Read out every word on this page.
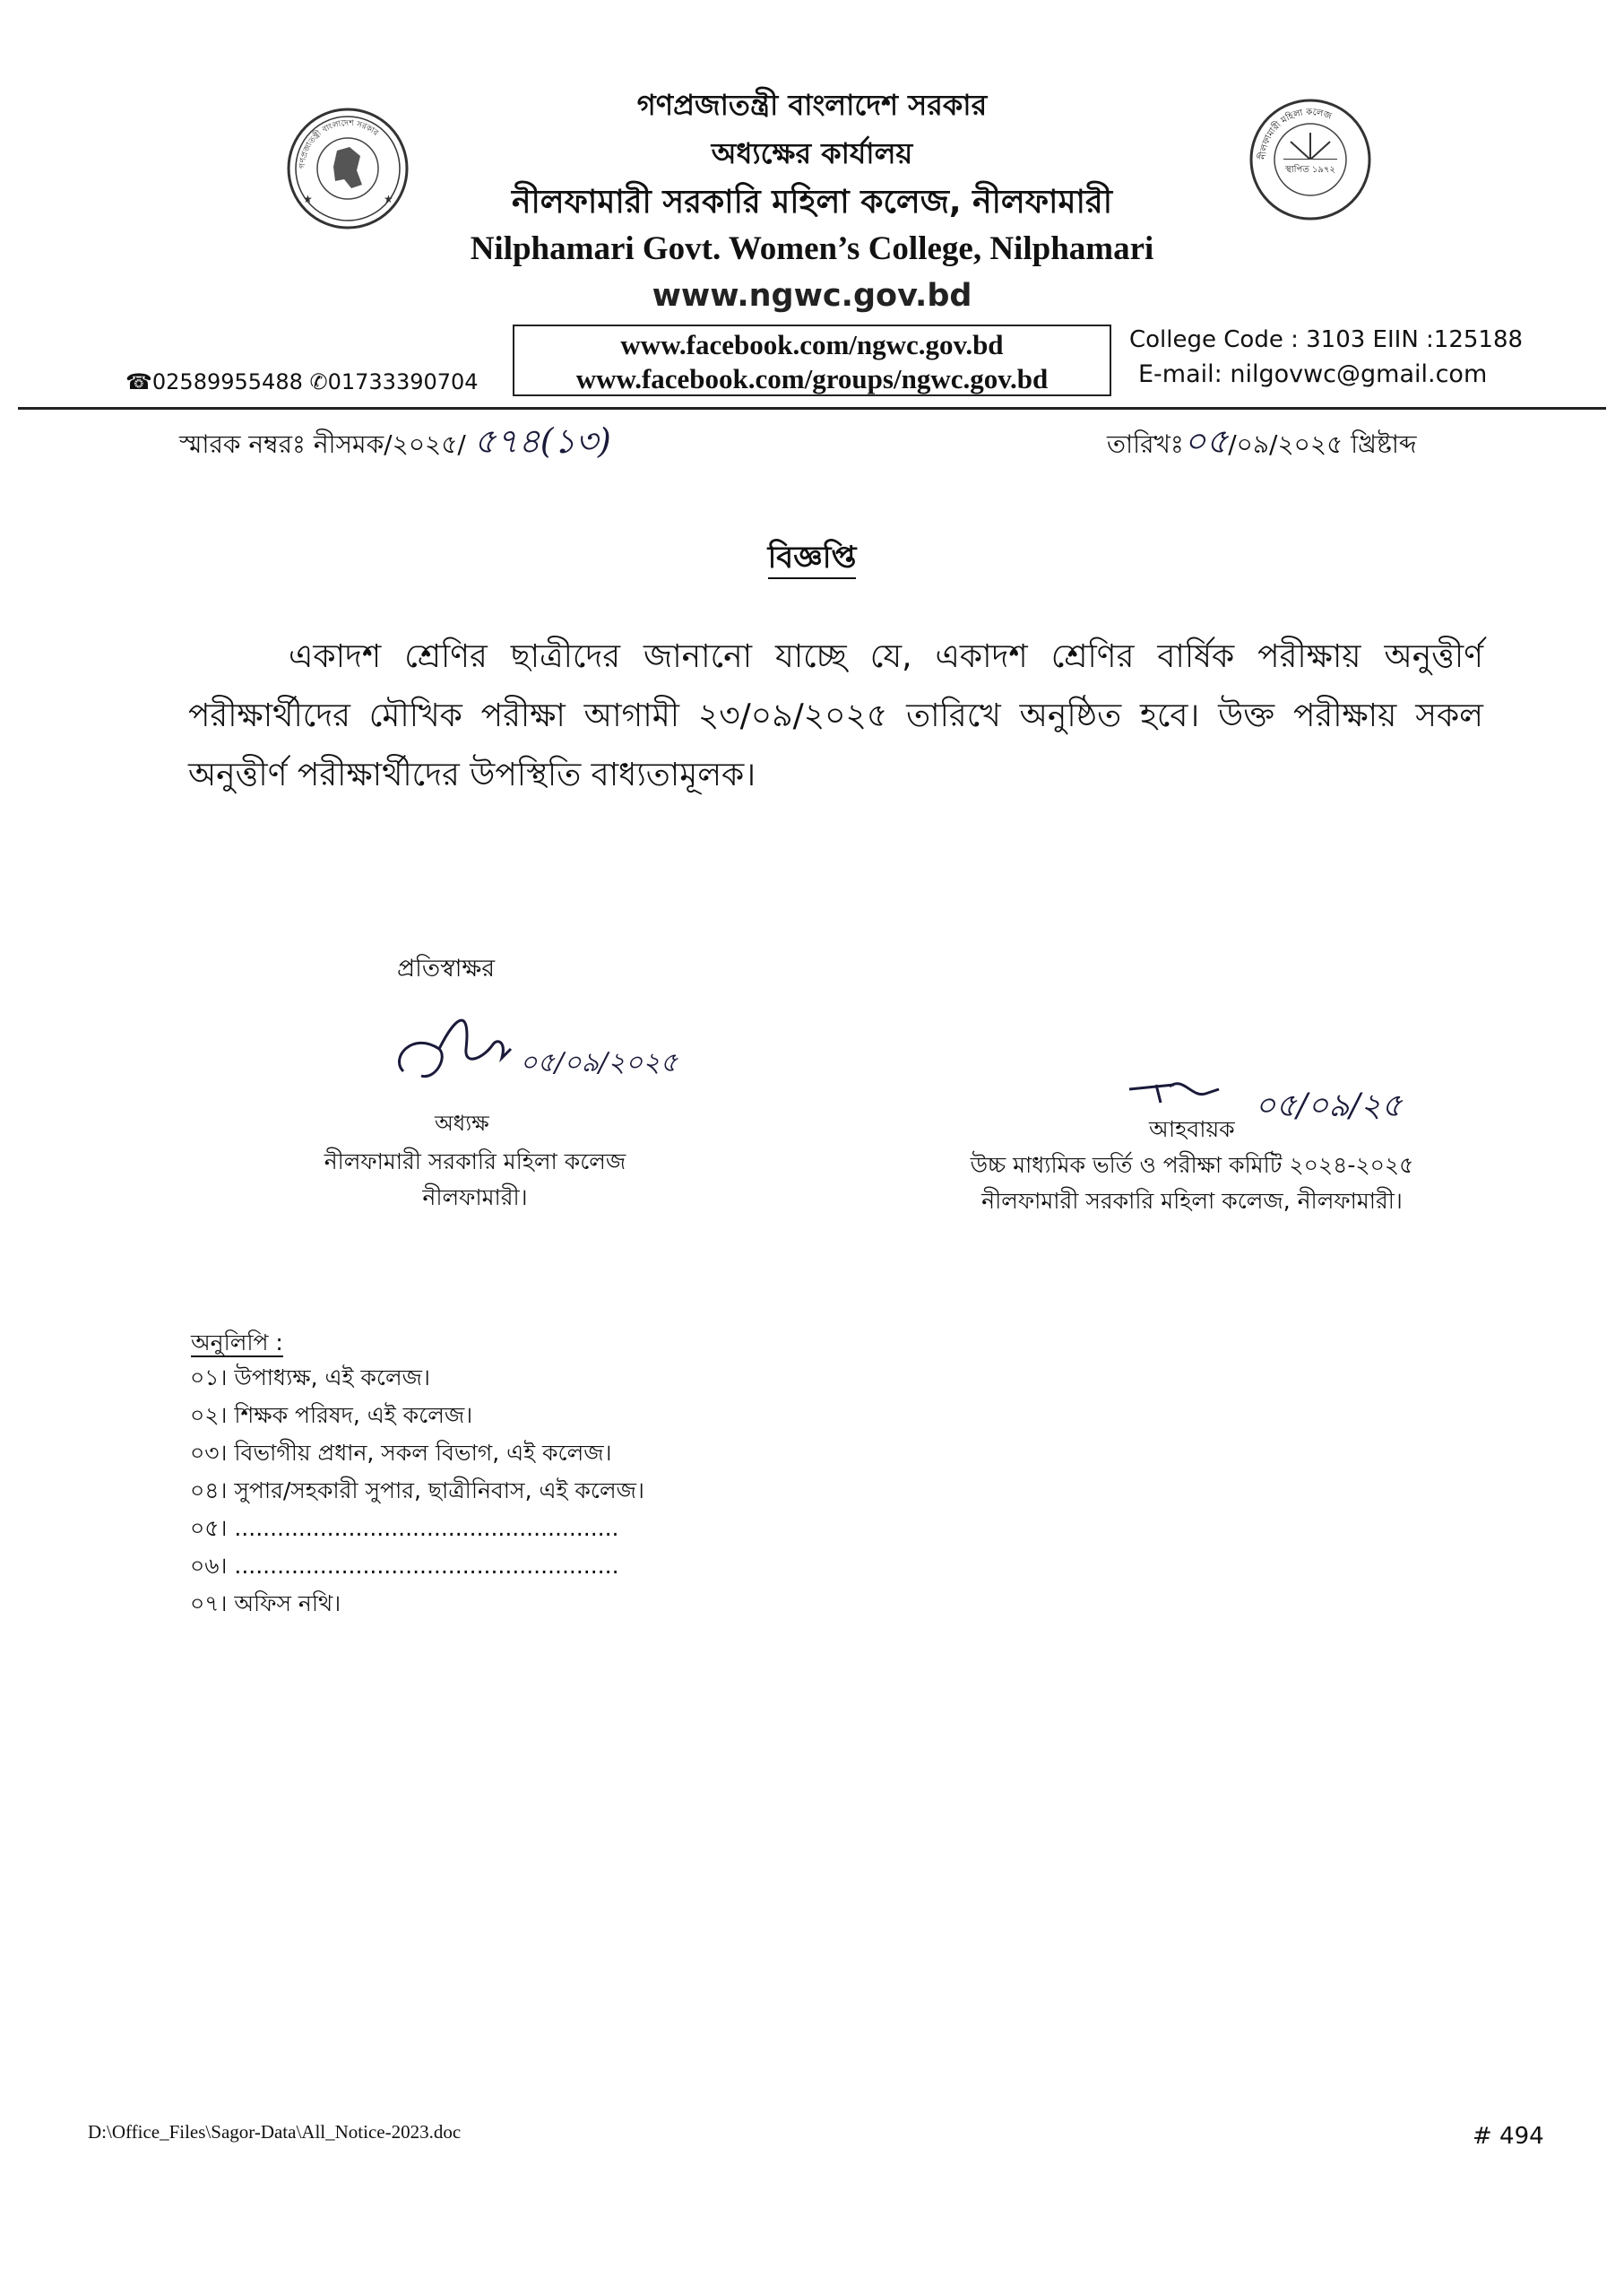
গণপ্রজাতন্ত্রী বাংলাদেশ সরকার
★	★
স্থাপিত ১৯৭২
নীলফামারী মহিলা কলেজ
গণপ্রজাতন্ত্রী বাংলাদেশ সরকার
অধ্যক্ষের কার্যালয়
নীলফামারী সরকারি মহিলা কলেজ, নীলফামারী
Nilphamari Govt. Women’s College, Nilphamari
www.ngwc.gov.bd
www.facebook.com/ngwc.gov.bd
www.facebook.com/groups/ngwc.gov.bd
☎02589955488 ✆01733390704
College Code : 3103 EIIN :125188
E-mail: nilgovwc@gmail.com
স্মারক নম্বরঃ নীসমক/২০২৫/ ৫৭৪(১৩)	তারিখঃ০৫/০৯/২০২৫ খ্রিষ্টাব্দ
বিজ্ঞপ্তি
একাদশ শ্রেণির ছাত্রীদের জানানো যাচ্ছে যে, একাদশ শ্রেণির বার্ষিক পরীক্ষায় অনুত্তীর্ণ পরীক্ষার্থীদের মৌখিক পরীক্ষা আগামী ২৩/০৯/২০২৫ তারিখে অনুষ্ঠিত হবে। উক্ত পরীক্ষায় সকল অনুত্তীর্ণ পরীক্ষার্থীদের উপস্থিতি বাধ্যতামূলক।
প্রতিস্বাক্ষর
০৫/০৯/২০২৫
অধ্যক্ষ
নীলফামারী সরকারি মহিলা কলেজ
নীলফামারী।
০৫/০৯/২৫
আহবায়ক
উচ্চ মাধ্যমিক ভর্তি ও পরীক্ষা কমিটি ২০২৪-২০২৫
নীলফামারী সরকারি মহিলা কলেজ, নীলফামারী।
অনুলিপি :
০১। উপাধ্যক্ষ, এই কলেজ।
০২। শিক্ষক পরিষদ, এই কলেজ।
০৩। বিভাগীয় প্রধান, সকল বিভাগ, এই কলেজ।
০৪। সুপার/সহকারী সুপার, ছাত্রীনিবাস, এই কলেজ।
০৫। ......................................................
০৬। ......................................................
০৭। অফিস নথি।
D:\Office_Files\Sagor-Data\All_Notice-2023.doc	# 494
